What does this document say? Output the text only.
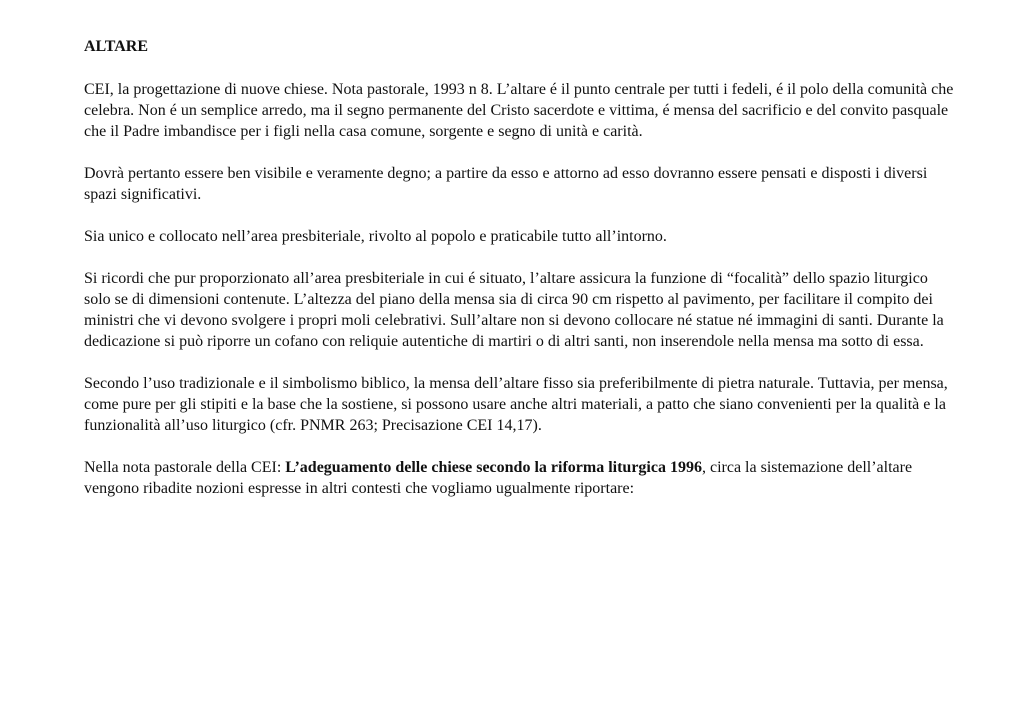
ALTARE

CEI, la progettazione di nuove chiese. Nota pastorale, 1993 n 8. L’altare é il punto centrale per tutti i fedeli, é il polo della comunità che celebra. Non é un semplice arredo, ma il segno permanente del Cristo sacerdote e vittima, é mensa del sacrificio e del convito pasquale che il Padre imbandisce per i figli nella casa comune, sorgente e segno di unità e carità.

Dovrà pertanto essere ben visibile e veramente degno; a partire da esso e attorno ad esso dovranno essere pensati e disposti i diversi spazi significativi.

Sia unico e collocato nell’area presbiteriale, rivolto al popolo e praticabile tutto all’intorno.

Si ricordi che pur proporzionato all’area presbiteriale in cui é situato, l’altare assicura la funzione di “focalità” dello spazio liturgico solo se di dimensioni contenute. L’altezza del piano della mensa sia di circa 90 cm rispetto al pavimento, per facilitare il compito dei ministri che vi devono svolgere i propri moli celebrativi. Sull’altare non si devono collocare né statue né immagini di santi. Durante la dedicazione si può riporre un cofano con reliquie autentiche di martiri o di altri santi, non inserendole nella mensa ma sotto di essa.

Secondo l’uso tradizionale e il simbolismo biblico, la mensa dell’altare fisso sia preferibilmente di pietra naturale. Tuttavia, per mensa, come pure per gli stipiti e la base che la sostiene, si possono usare anche altri materiali, a patto che siano convenienti per la qualità e la funzionalità all’uso liturgico (cfr. PNMR 263; Precisazione CEI 14,17).

Nella nota pastorale della CEI: L’adeguamento delle chiese secondo la riforma liturgica 1996, circa la sistemazione dell’altare vengono ribadite nozioni espresse in altri contesti che vogliamo ugualmente riportare:
